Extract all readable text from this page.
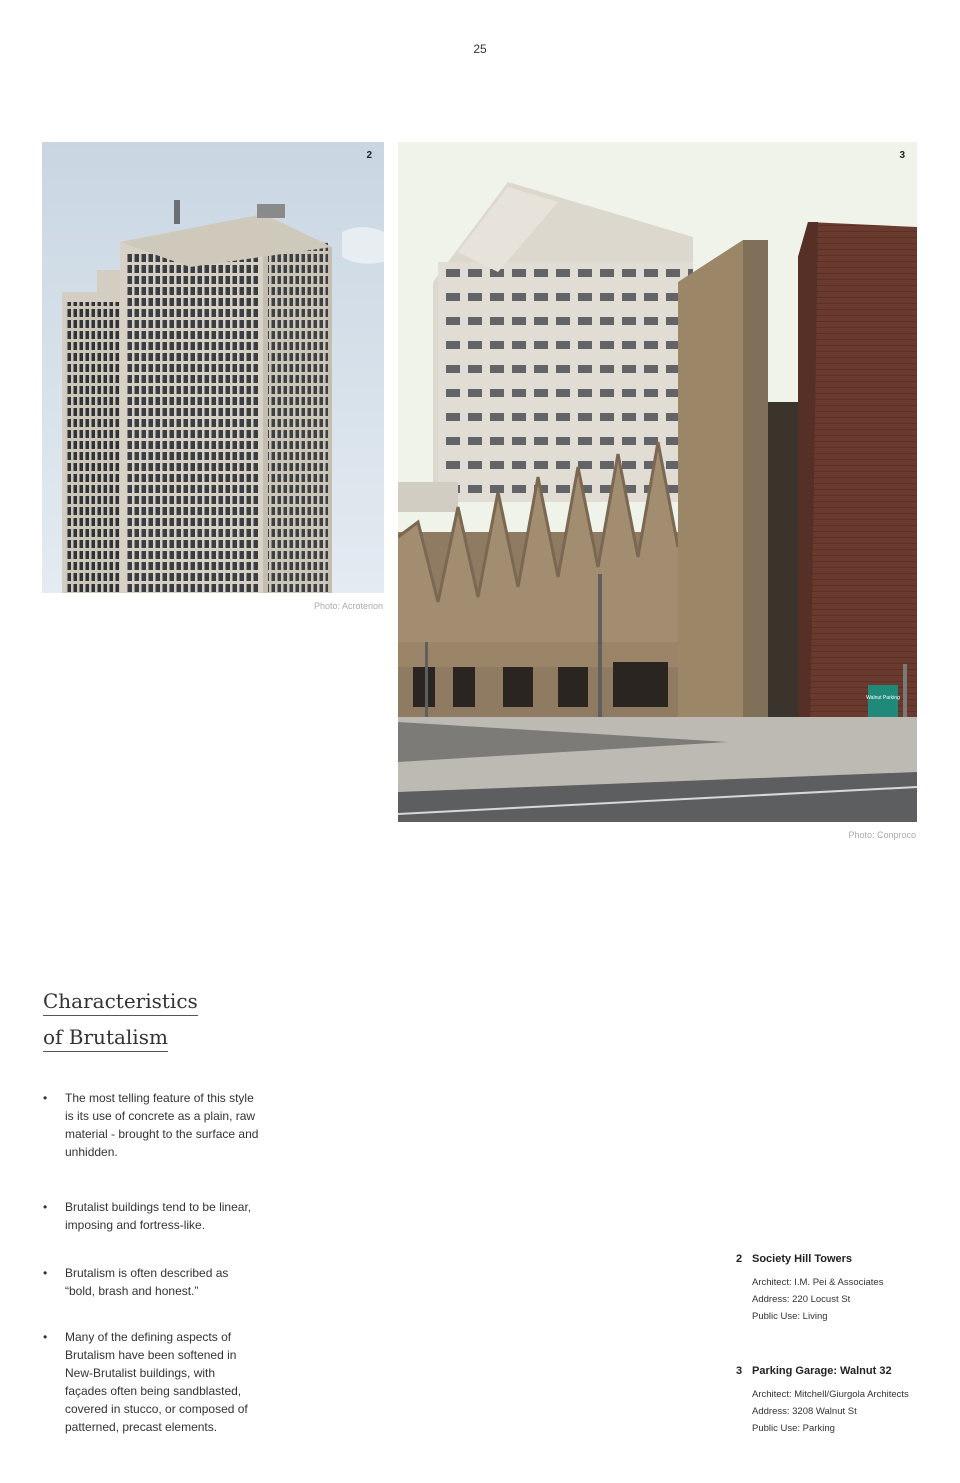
25
2
Photo: Acroterion
Walnut Parking
3
Photo: Conproco
Characteristics
of Brutalism
• The most telling feature of this style is its use of concrete as a plain, raw material - brought to the surface and unhidden.
• Brutalist buildings tend to be linear, imposing and fortress-like.
• Brutalism is often described as “bold, brash and honest.”
• Many of the defining aspects of Brutalism have been softened in New-Brutalist buildings, with façades often being sandblasted, covered in stucco, or composed of patterned, precast elements.
2 Society Hill Towers
Architect: I.M. Pei & Associates
Address: 220 Locust St
Public Use: Living
3 Parking Garage: Walnut 32
Architect: Mitchell/Giurgola Architects
Address: 3208 Walnut St
Public Use: Parking
